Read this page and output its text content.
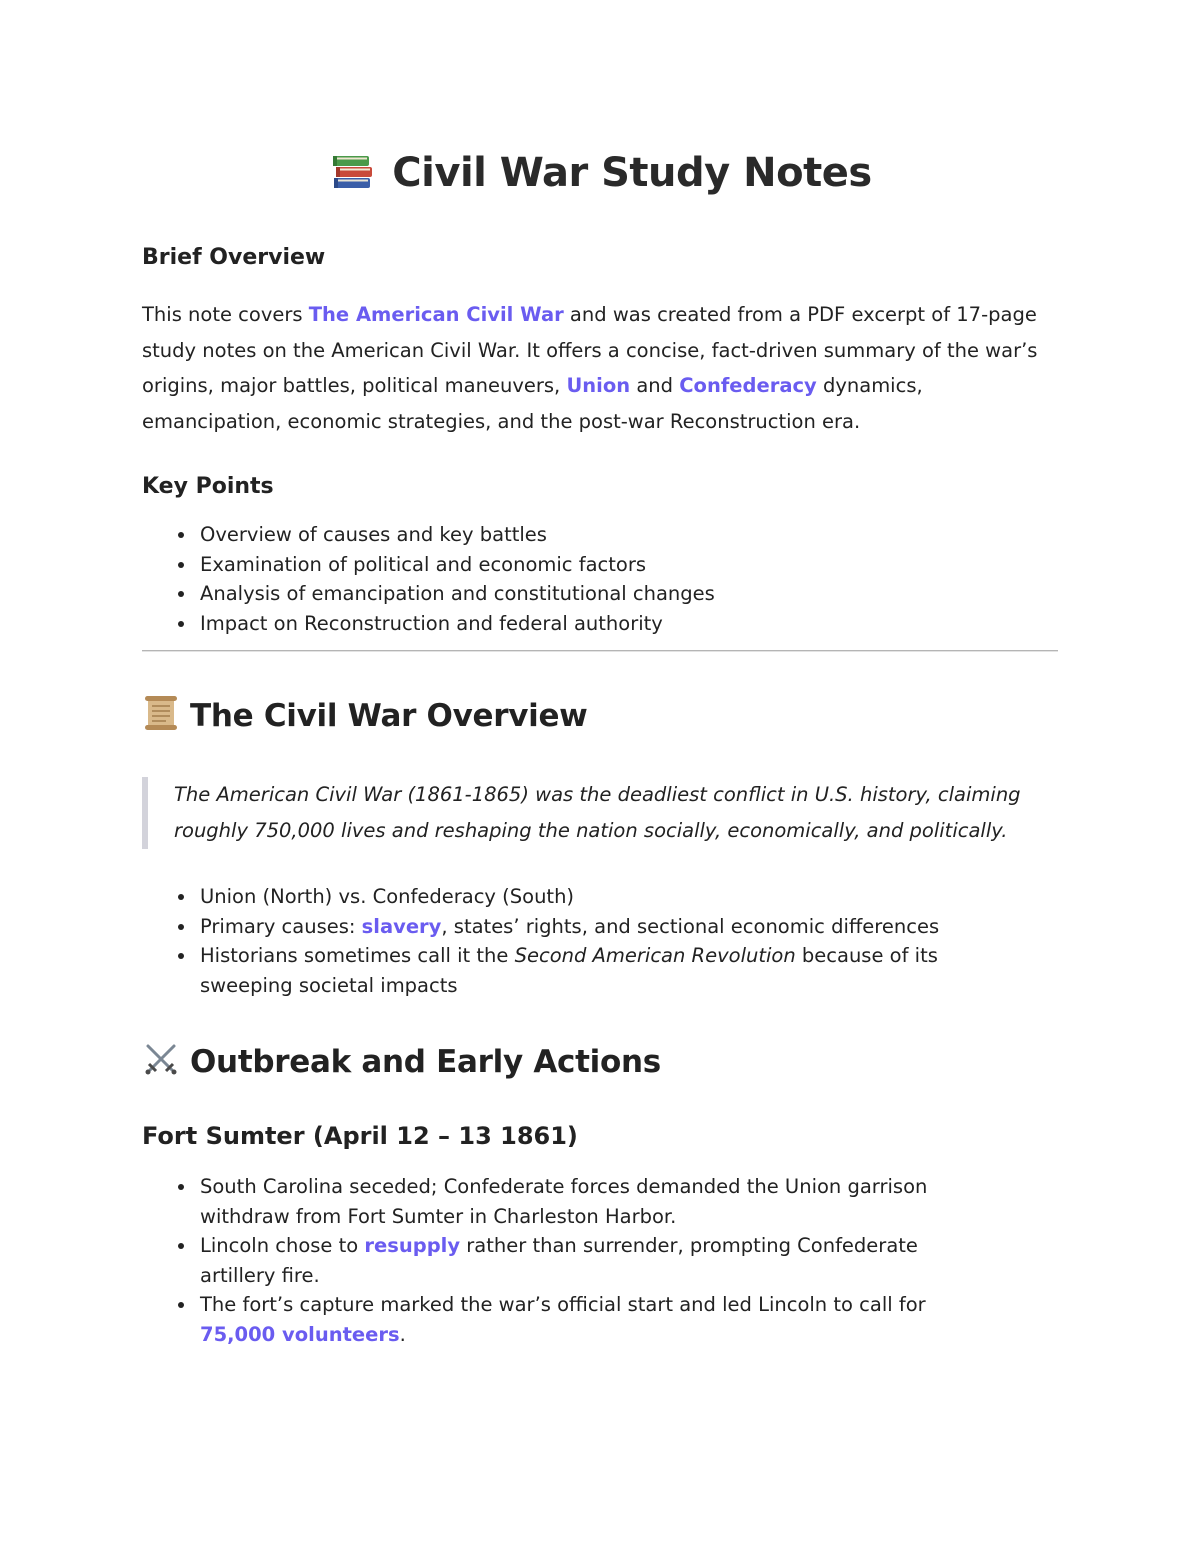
Civil War Study Notes
Brief Overview

This note covers The American Civil War and was created from a PDF excerpt of 17-page study notes on the American Civil War. It offers a concise, fact-driven summary of the war’s origins, major battles, political maneuvers, Union and Confederacy dynamics, emancipation, economic strategies, and the post-war Reconstruction era.

Key Points
Overview of causes and key battles
Examination of political and economic factors
Analysis of emancipation and constitutional changes
Impact on Reconstruction and federal authority
The Civil War Overview
The American Civil War (1861-1865) was the deadliest conflict in U.S. history, claiming roughly 750,000 lives and reshaping the nation socially, economically, and politically.
Union (North) vs. Confederacy (South)
Primary causes: slavery, states’ rights, and sectional economic differences
Historians sometimes call it the Second American Revolution because of its sweeping societal impacts
Outbreak and Early Actions
Fort Sumter (April 12 – 13 1861)
South Carolina seceded; Confederate forces demanded the Union garrison withdraw from Fort Sumter in Charleston Harbor.
Lincoln chose to resupply rather than surrender, prompting Confederate artillery fire.
The fort’s capture marked the war’s official start and led Lincoln to call for 75,000 volunteers.
